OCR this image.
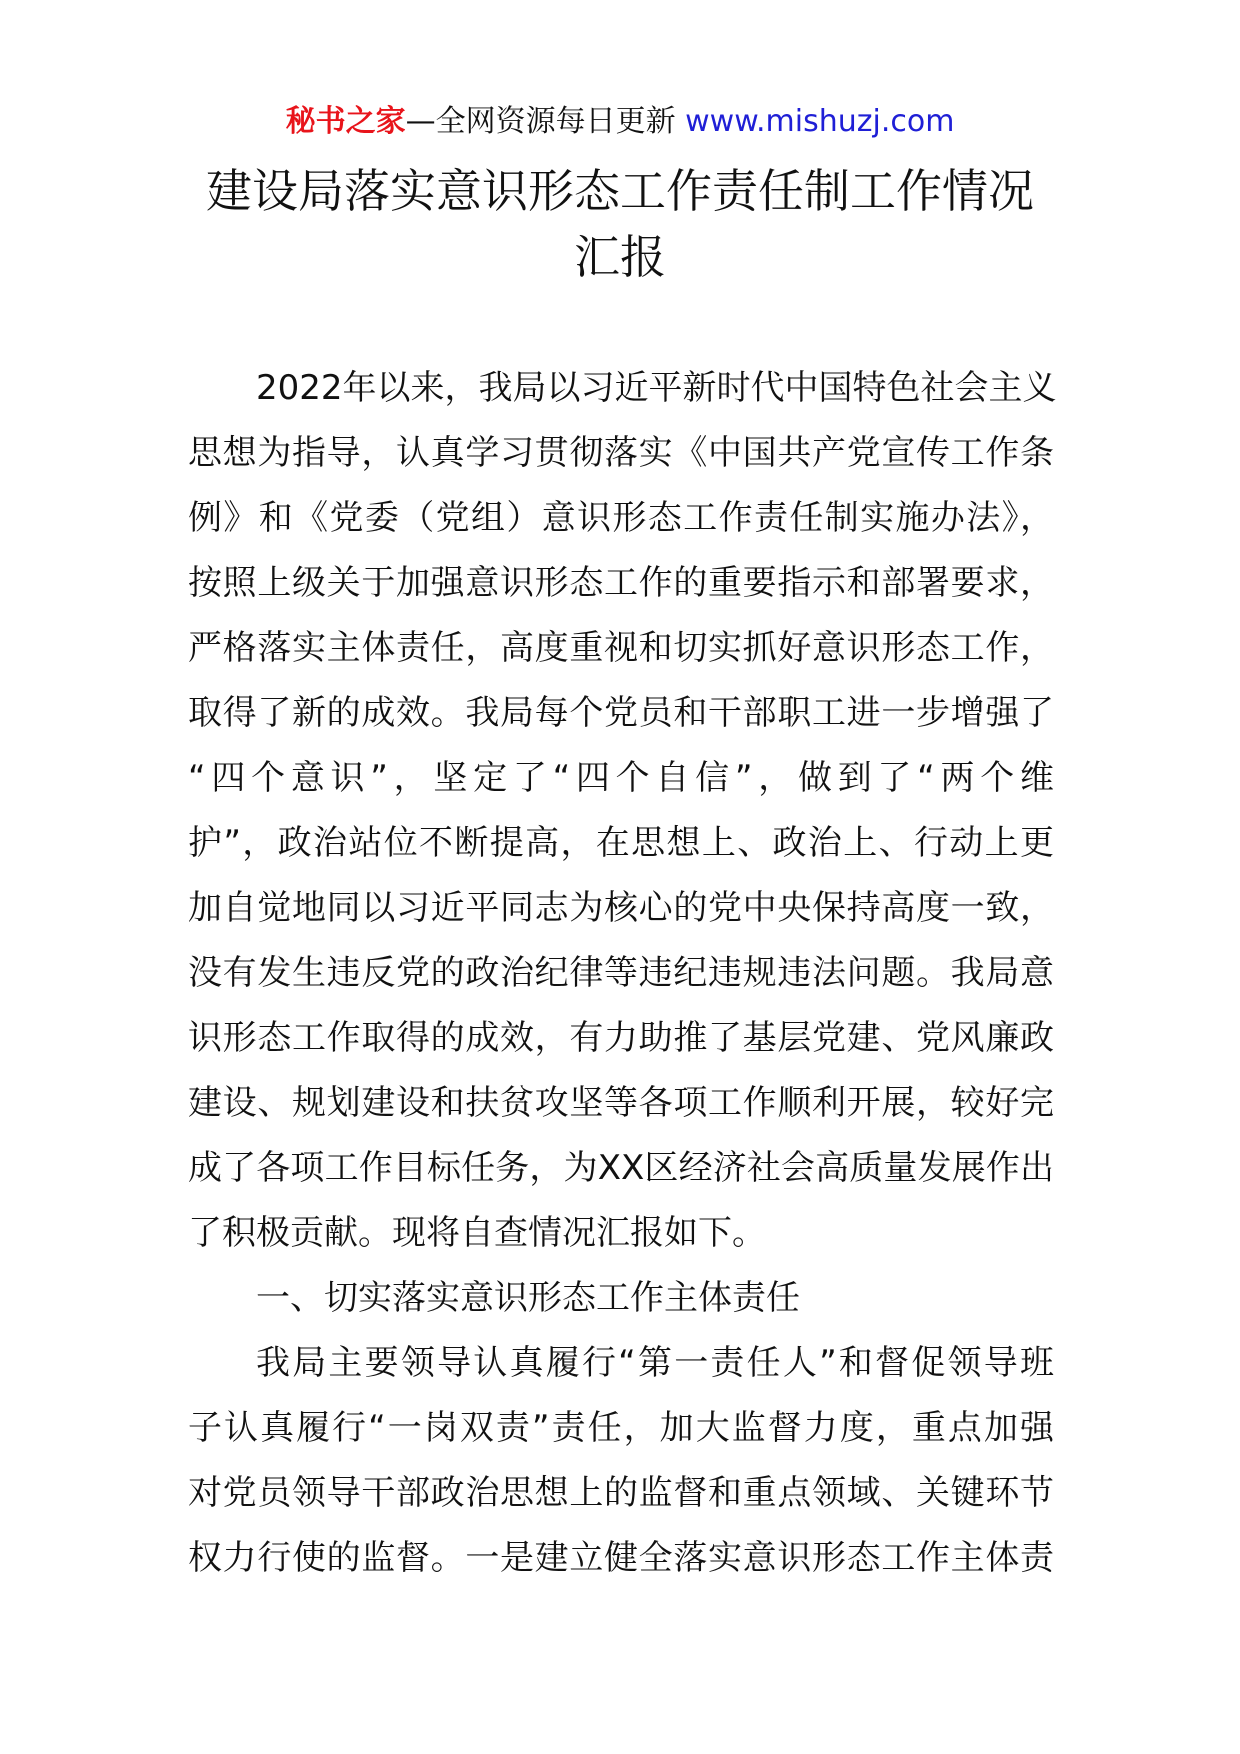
秘书之家—全网资源每日更新 www.mishuzj.com
建设局落实意识形态工作责任制工作情况
汇报
2022年以来，我局以习近平新时代中国特色社会主义
思想为指导，认真学习贯彻落实《中国共产党宣传工作条
例》和《党委（党组）意识形态工作责任制实施办法》，
按照上级关于加强意识形态工作的重要指示和部署要求，
严格落实主体责任，高度重视和切实抓好意识形态工作，
取得了新的成效。我局每个党员和干部职工进一步增强了
“四个意识”，坚定了“四个自信”，做到了“两个维
护”，政治站位不断提高，在思想上、政治上、行动上更
加自觉地同以习近平同志为核心的党中央保持高度一致，
没有发生违反党的政治纪律等违纪违规违法问题。我局意
识形态工作取得的成效，有力助推了基层党建、党风廉政
建设、规划建设和扶贫攻坚等各项工作顺利开展，较好完
成了各项工作目标任务，为XX区经济社会高质量发展作出
了积极贡献。现将自查情况汇报如下。
一、切实落实意识形态工作主体责任
我局主要领导认真履行“第一责任人”和督促领导班
子认真履行“一岗双责”责任，加大监督力度，重点加强
对党员领导干部政治思想上的监督和重点领域、关键环节
权力行使的监督。一是建立健全落实意识形态工作主体责
